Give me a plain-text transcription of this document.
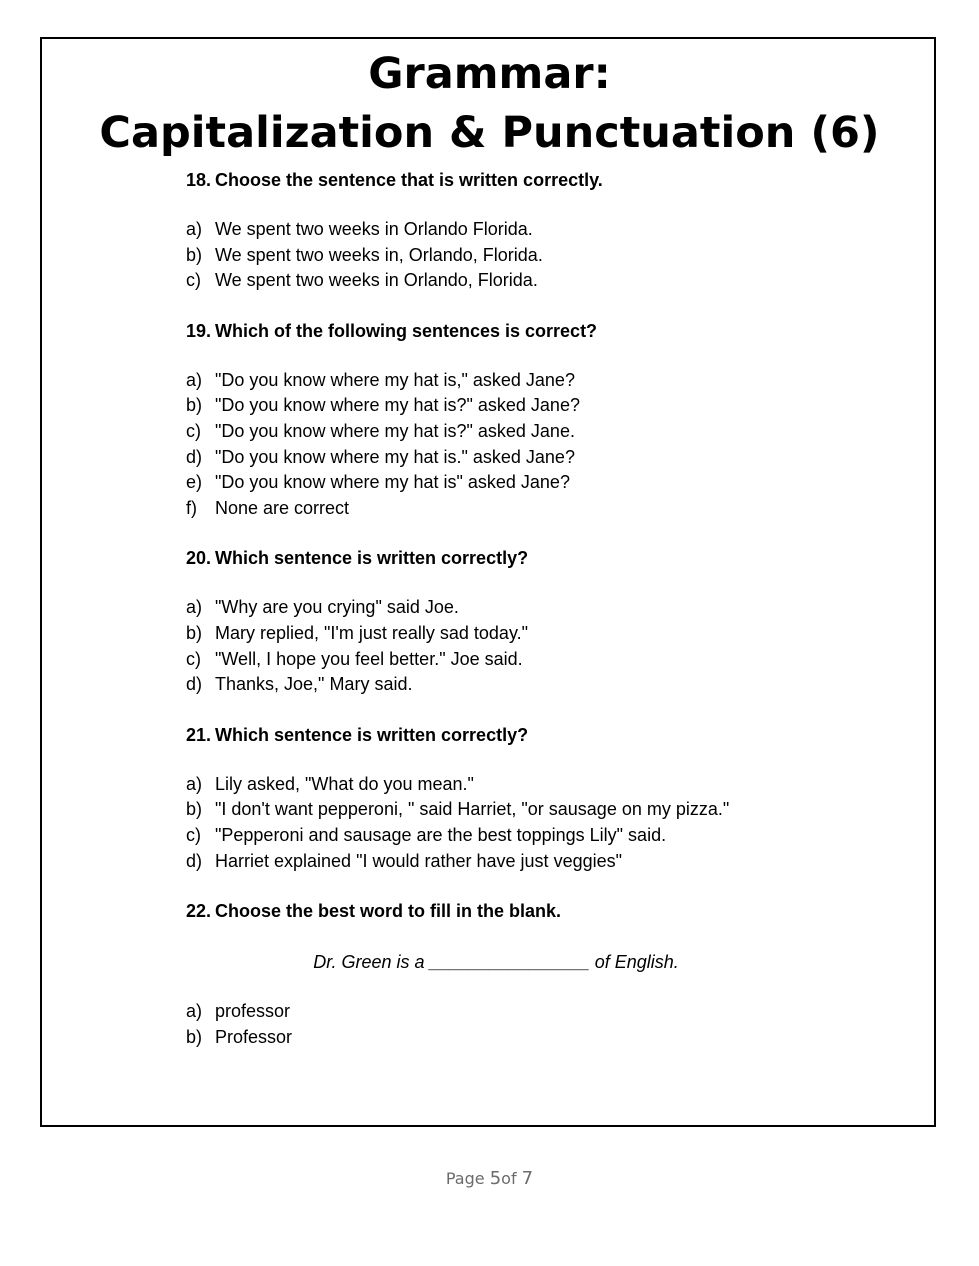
Grammar:
Capitalization & Punctuation (6)
18. Choose the sentence that is written correctly.
a) We spent two weeks in Orlando Florida.
b) We spent two weeks in, Orlando, Florida.
c) We spent two weeks in Orlando, Florida.
19. Which of the following sentences is correct?
a) "Do you know where my hat is," asked Jane?
b) "Do you know where my hat is?" asked Jane?
c) "Do you know where my hat is?" asked Jane.
d) "Do you know where my hat is." asked Jane?
e) "Do you know where my hat is" asked Jane?
f) None are correct
20. Which sentence is written correctly?
a) "Why are you crying" said Joe.
b) Mary replied, "I'm just really sad today."
c) "Well, I hope you feel better." Joe said.
d) Thanks, Joe," Mary said.
21. Which sentence is written correctly?
a) Lily asked, "What do you mean."
b) "I don't want pepperoni, " said Harriet, "or sausage on my pizza."
c) "Pepperoni and sausage are the best toppings Lily" said.
d) Harriet explained "I would rather have just veggies"
22. Choose the best word to fill in the blank.
Dr. Green is a ________________ of English.
a) professor
b) Professor
Page 5of 7
